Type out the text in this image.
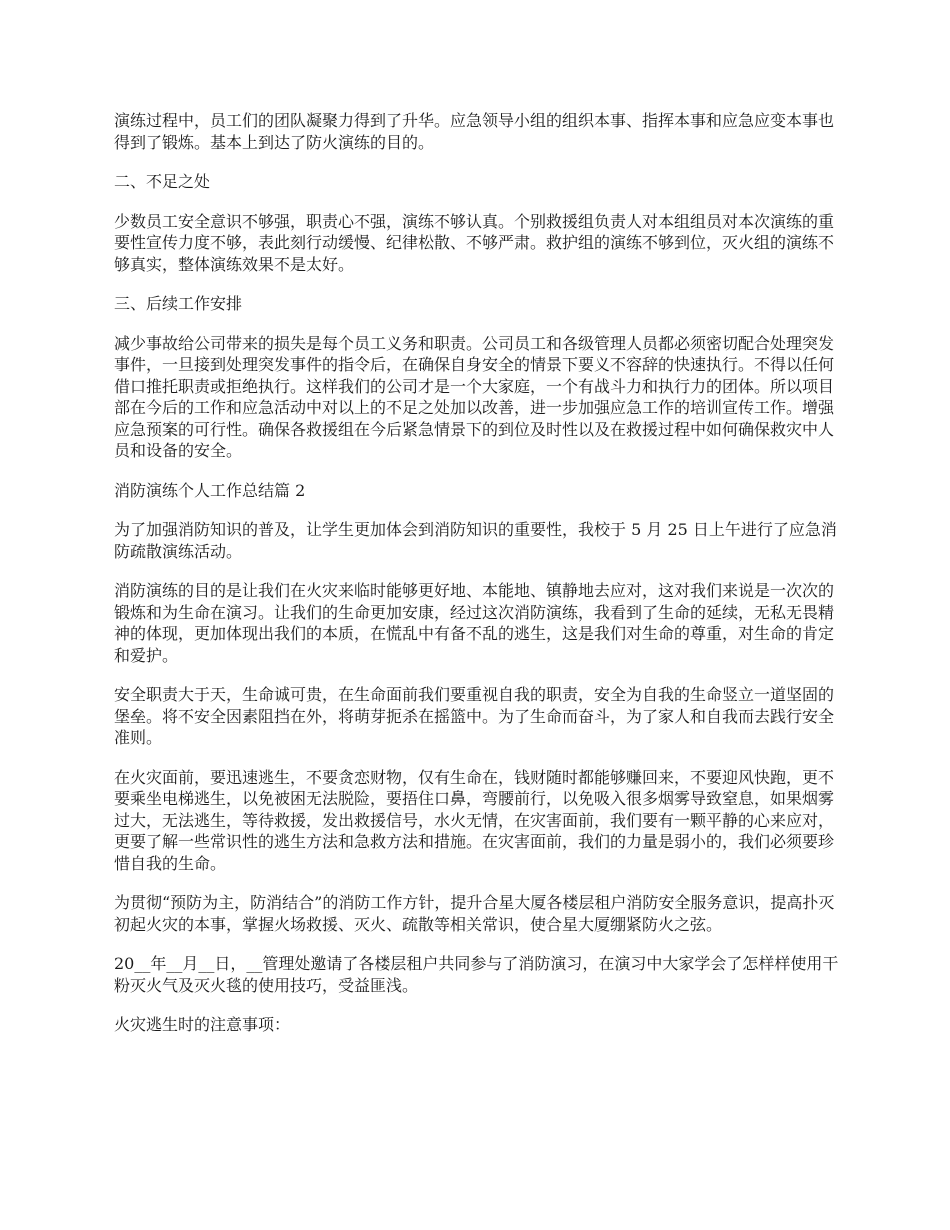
演练过程中，员工们的团队凝聚力得到了升华。应急领导小组的组织本事、指挥本事和应急应变本事也得到了锻炼。基本上到达了防火演练的目的。

二、不足之处

少数员工安全意识不够强，职责心不强，演练不够认真。个别救援组负责人对本组组员对本次演练的重要性宣传力度不够，表此刻行动缓慢、纪律松散、不够严肃。救护组的演练不够到位，灭火组的演练不够真实，整体演练效果不是太好。

三、后续工作安排

减少事故给公司带来的损失是每个员工义务和职责。公司员工和各级管理人员都必须密切配合处理突发事件，一旦接到处理突发事件的指令后，在确保自身安全的情景下要义不容辞的快速执行。不得以任何借口推托职责或拒绝执行。这样我们的公司才是一个大家庭，一个有战斗力和执行力的团体。所以项目部在今后的工作和应急活动中对以上的不足之处加以改善，进一步加强应急工作的培训宣传工作。增强应急预案的可行性。确保各救援组在今后紧急情景下的到位及时性以及在救援过程中如何确保救灾中人员和设备的安全。

消防演练个人工作总结篇 2

为了加强消防知识的普及，让学生更加体会到消防知识的重要性，我校于 5 月 25 日上午进行了应急消防疏散演练活动。

消防演练的目的是让我们在火灾来临时能够更好地、本能地、镇静地去应对，这对我们来说是一次次的锻炼和为生命在演习。让我们的生命更加安康，经过这次消防演练，我看到了生命的延续，无私无畏精神的体现，更加体现出我们的本质，在慌乱中有备不乱的逃生，这是我们对生命的尊重，对生命的肯定和爱护。

安全职责大于天，生命诚可贵，在生命面前我们要重视自我的职责，安全为自我的生命竖立一道坚固的堡垒。将不安全因素阻挡在外，将萌芽扼杀在摇篮中。为了生命而奋斗，为了家人和自我而去践行安全准则。

在火灾面前，要迅速逃生，不要贪恋财物，仅有生命在，钱财随时都能够赚回来，不要迎风快跑，更不要乘坐电梯逃生，以免被困无法脱险，要捂住口鼻，弯腰前行，以免吸入很多烟雾导致窒息，如果烟雾过大，无法逃生，等待救援，发出救援信号，水火无情，在灾害面前，我们要有一颗平静的心来应对，更要了解一些常识性的逃生方法和急救方法和措施。在灾害面前，我们的力量是弱小的，我们必须要珍惜自我的生命。

为贯彻“预防为主，防消结合”的消防工作方针，提升合星大厦各楼层租户消防安全服务意识，提高扑灭初起火灾的本事，掌握火场救援、灭火、疏散等相关常识，使合星大厦绷紧防火之弦。

20__年__月__日，__管理处邀请了各楼层租户共同参与了消防演习，在演习中大家学会了怎样样使用干粉灭火气及灭火毯的使用技巧，受益匪浅。

火灾逃生时的注意事项：
